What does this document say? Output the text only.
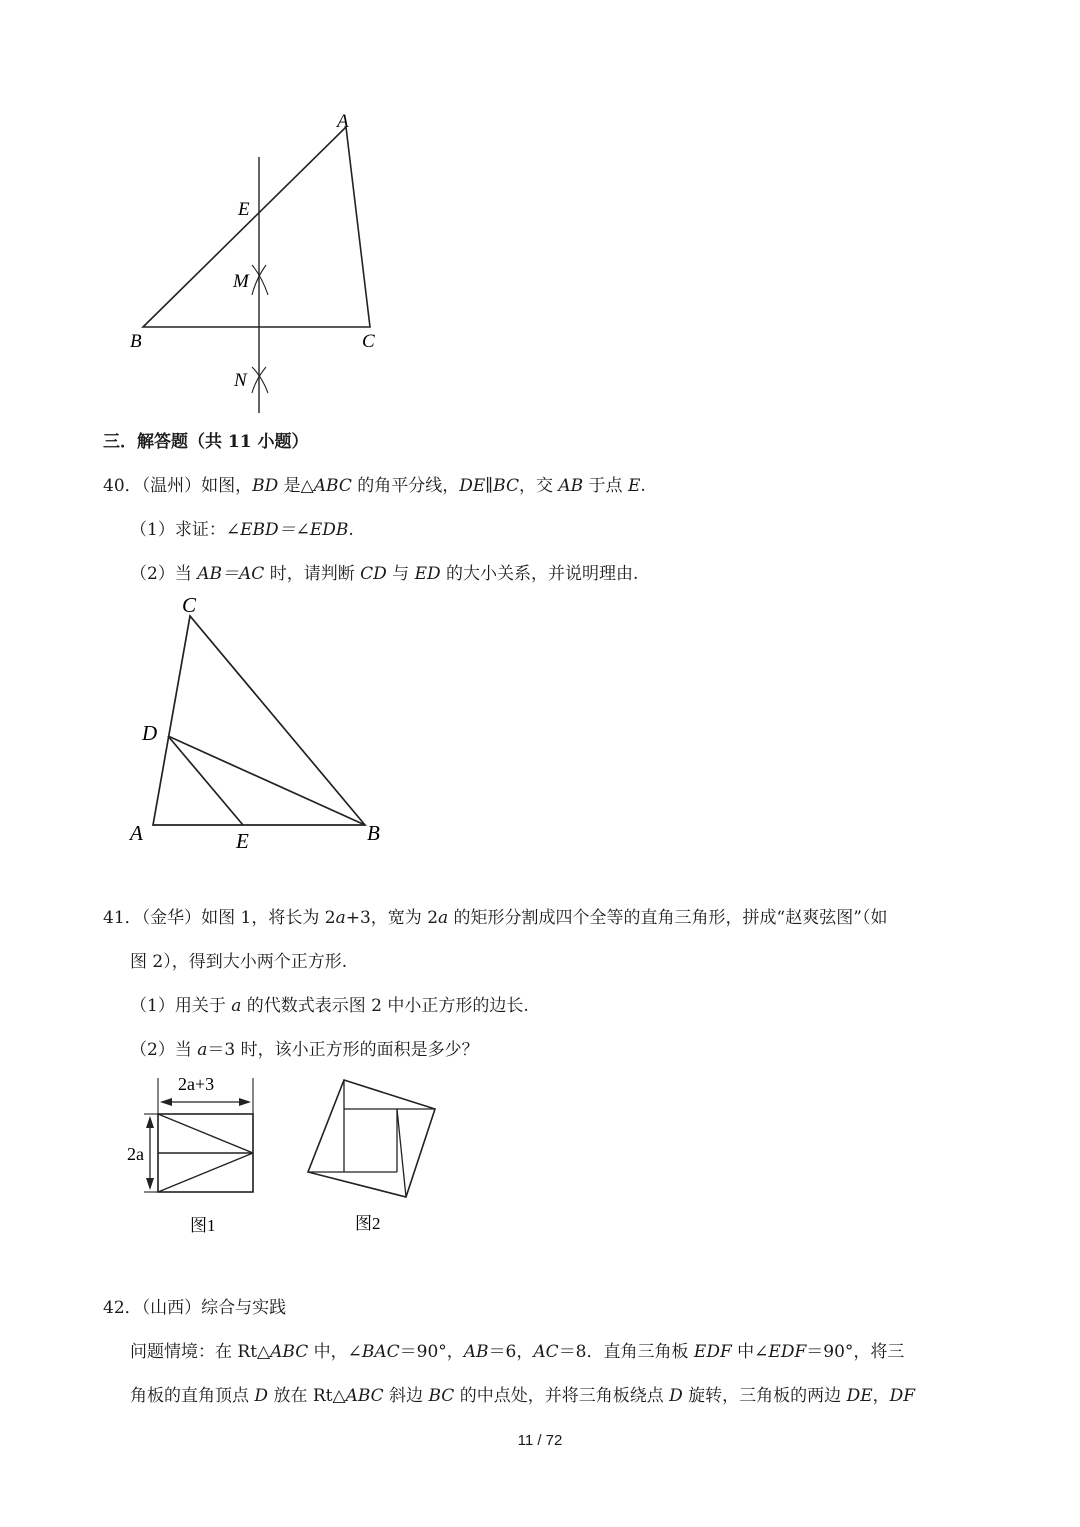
A
E
M
B	C
N
三．解答题（共 11 小题）
40．（温州）如图，BD 是△ABC 的角平分线，DE∥BC，交 AB 于点 E.
（1）求证：∠EBD＝∠EDB.
（2）当 AB＝AC 时，请判断 CD 与 ED 的大小关系，并说明理由.
C
D
A	E	B
41．（金华）如图 1，将长为 2a+3，宽为 2a 的矩形分割成四个全等的直角三角形，拼成“赵爽弦图”（如
图 2），得到大小两个正方形.
（1）用关于 a 的代数式表示图 2 中小正方形的边长.
（2）当 a＝3 时，该小正方形的面积是多少？
2a+3
2a
图1	图2
42．（山西）综合与实践
问题情境：在 Rt△ABC 中，∠BAC＝90°，AB＝6，AC＝8．直角三角板 EDF 中∠EDF＝90°，将三
角板的直角顶点 D 放在 Rt△ABC 斜边 BC 的中点处，并将三角板绕点 D 旋转，三角板的两边 DE，DF
11 / 72
